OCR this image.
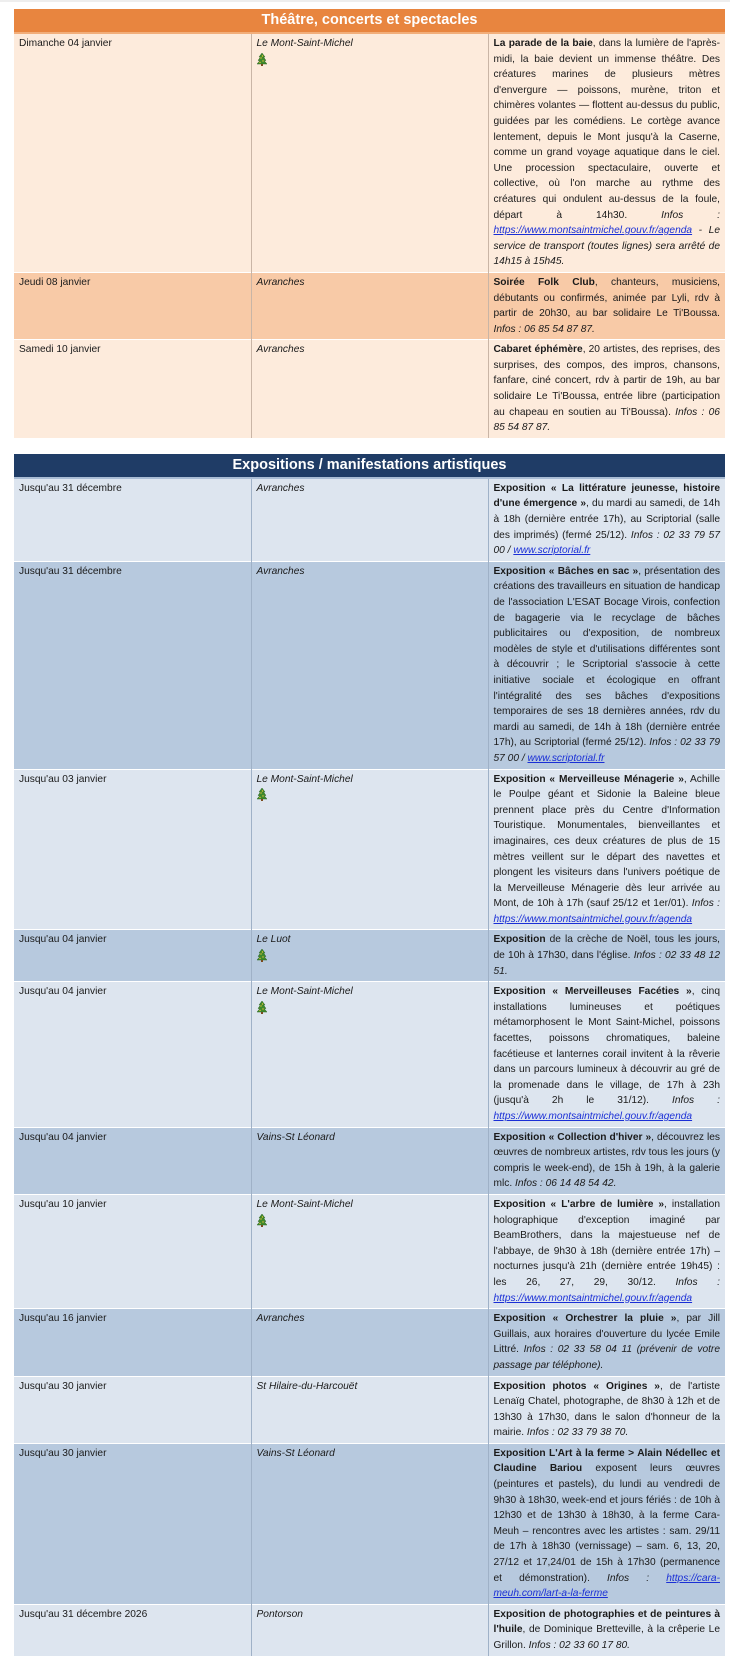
Théâtre, concerts et spectacles		
Dimanche 04 janvier	Le Mont-Saint-Michel	La parade de la baie, dans la lumière de l'après-midi, la baie devient un immense théâtre. Des créatures marines de plusieurs mètres d'envergure — poissons, murène, triton et chimères volantes — flottent au-dessus du public, guidées par les comédiens. Le cortège avance lentement, depuis le Mont jusqu'à la Caserne, comme un grand voyage aquatique dans le ciel. Une procession spectaculaire, ouverte et collective, où l'on marche au rythme des créatures qui ondulent au-dessus de la foule, départ à 14h30. Infos : https://www.montsaintmichel.gouv.fr/agenda - Le service de transport (toutes lignes) sera arrêté de 14h15 à 15h45.
Jeudi 08 janvier	Avranches	Soirée Folk Club, chanteurs, musiciens, débutants ou confirmés, animée par Lyli, rdv à partir de 20h30, au bar solidaire Le Ti'Boussa. Infos : 06 85 54 87 87.
Samedi 10 janvier	Avranches	Cabaret éphémère, 20 artistes, des reprises, des surprises, des compos, des impros, chansons, fanfare, ciné concert, rdv à partir de 19h, au bar solidaire Le Ti'Boussa, entrée libre (participation au chapeau en soutien au Ti'Boussa). Infos : 06 85 54 87 87.
Expositions / manifestations artistiques		
Jusqu'au 31 décembre	Avranches	Exposition « La littérature jeunesse, histoire d'une émergence », du mardi au samedi, de 14h à 18h (dernière entrée 17h), au Scriptorial (salle des imprimés) (fermé 25/12). Infos : 02 33 79 57 00 / www.scriptorial.fr
Jusqu'au 31 décembre	Avranches	Exposition « Bâches en sac », présentation des créations des travailleurs en situation de handicap de l'association L'ESAT Bocage Virois, confection de bagagerie via le recyclage de bâches publicitaires ou d'exposition, de nombreux modèles de style et d'utilisations différentes sont à découvrir ; le Scriptorial s'associe à cette initiative sociale et écologique en offrant l'intégralité des ses bâches d'expositions temporaires de ses 18 dernières années, rdv du mardi au samedi, de 14h à 18h (dernière entrée 17h), au Scriptorial (fermé 25/12). Infos : 02 33 79 57 00 / www.scriptorial.fr
Jusqu'au 03 janvier	Le Mont-Saint-Michel	Exposition « Merveilleuse Ménagerie », Achille le Poulpe géant et Sidonie la Baleine bleue prennent place près du Centre d'Information Touristique. Monumentales, bienveillantes et imaginaires, ces deux créatures de plus de 15 mètres veillent sur le départ des navettes et plongent les visiteurs dans l'univers poétique de la Merveilleuse Ménagerie dès leur arrivée au Mont, de 10h à 17h (sauf 25/12 et 1er/01). Infos : https://www.montsaintmichel.gouv.fr/agenda
Jusqu'au 04 janvier	Le Luot	Exposition de la crèche de Noël, tous les jours, de 10h à 17h30, dans l'église. Infos : 02 33 48 12 51.
Jusqu'au 04 janvier	Le Mont-Saint-Michel	Exposition « Merveilleuses Facéties », cinq installations lumineuses et poétiques métamorphosent le Mont Saint-Michel, poissons facettes, poissons chromatiques, baleine facétieuse et lanternes corail invitent à la rêverie dans un parcours lumineux à découvrir au gré de la promenade dans le village, de 17h à 23h (jusqu'à 2h le 31/12). Infos : https://www.montsaintmichel.gouv.fr/agenda
Jusqu'au 04 janvier	Vains-St Léonard	Exposition « Collection d'hiver », découvrez les œuvres de nombreux artistes, rdv tous les jours (y compris le week-end), de 15h à 19h, à la galerie mlc. Infos : 06 14 48 54 42.
Jusqu'au 10 janvier	Le Mont-Saint-Michel	Exposition « L'arbre de lumière », installation holographique d'exception imaginé par BeamBrothers, dans la majestueuse nef de l'abbaye, de 9h30 à 18h (dernière entrée 17h) – nocturnes jusqu'à 21h (dernière entrée 19h45) : les 26, 27, 29, 30/12. Infos : https://www.montsaintmichel.gouv.fr/agenda
Jusqu'au 16 janvier	Avranches	Exposition « Orchestrer la pluie », par Jill Guillais, aux horaires d'ouverture du lycée Emile Littré. Infos : 02 33 58 04 11 (prévenir de votre passage par téléphone).
Jusqu'au 30 janvier	St Hilaire-du-Harcouët	Exposition photos « Origines », de l'artiste Lenaïg Chatel, photographe, de 8h30 à 12h et de 13h30 à 17h30, dans le salon d'honneur de la mairie. Infos : 02 33 79 38 70.
Jusqu'au 30 janvier	Vains-St Léonard	Exposition L'Art à la ferme > Alain Nédellec et Claudine Bariou exposent leurs œuvres (peintures et pastels), du lundi au vendredi de 9h30 à 18h30, week-end et jours fériés : de 10h à 12h30 et de 13h30 à 18h30, à la ferme Cara-Meuh – rencontres avec les artistes : sam. 29/11 de 17h à 18h30 (vernissage) – sam. 6, 13, 20, 27/12 et 17,24/01 de 15h à 17h30 (permanence et démonstration). Infos : https://cara-meuh.com/lart-a-la-ferme
Jusqu'au 31 décembre 2026	Pontorson	Exposition de photographies et de peintures à l'huile, de Dominique Bretteville, à la crêperie Le Grillon. Infos : 02 33 60 17 80.
